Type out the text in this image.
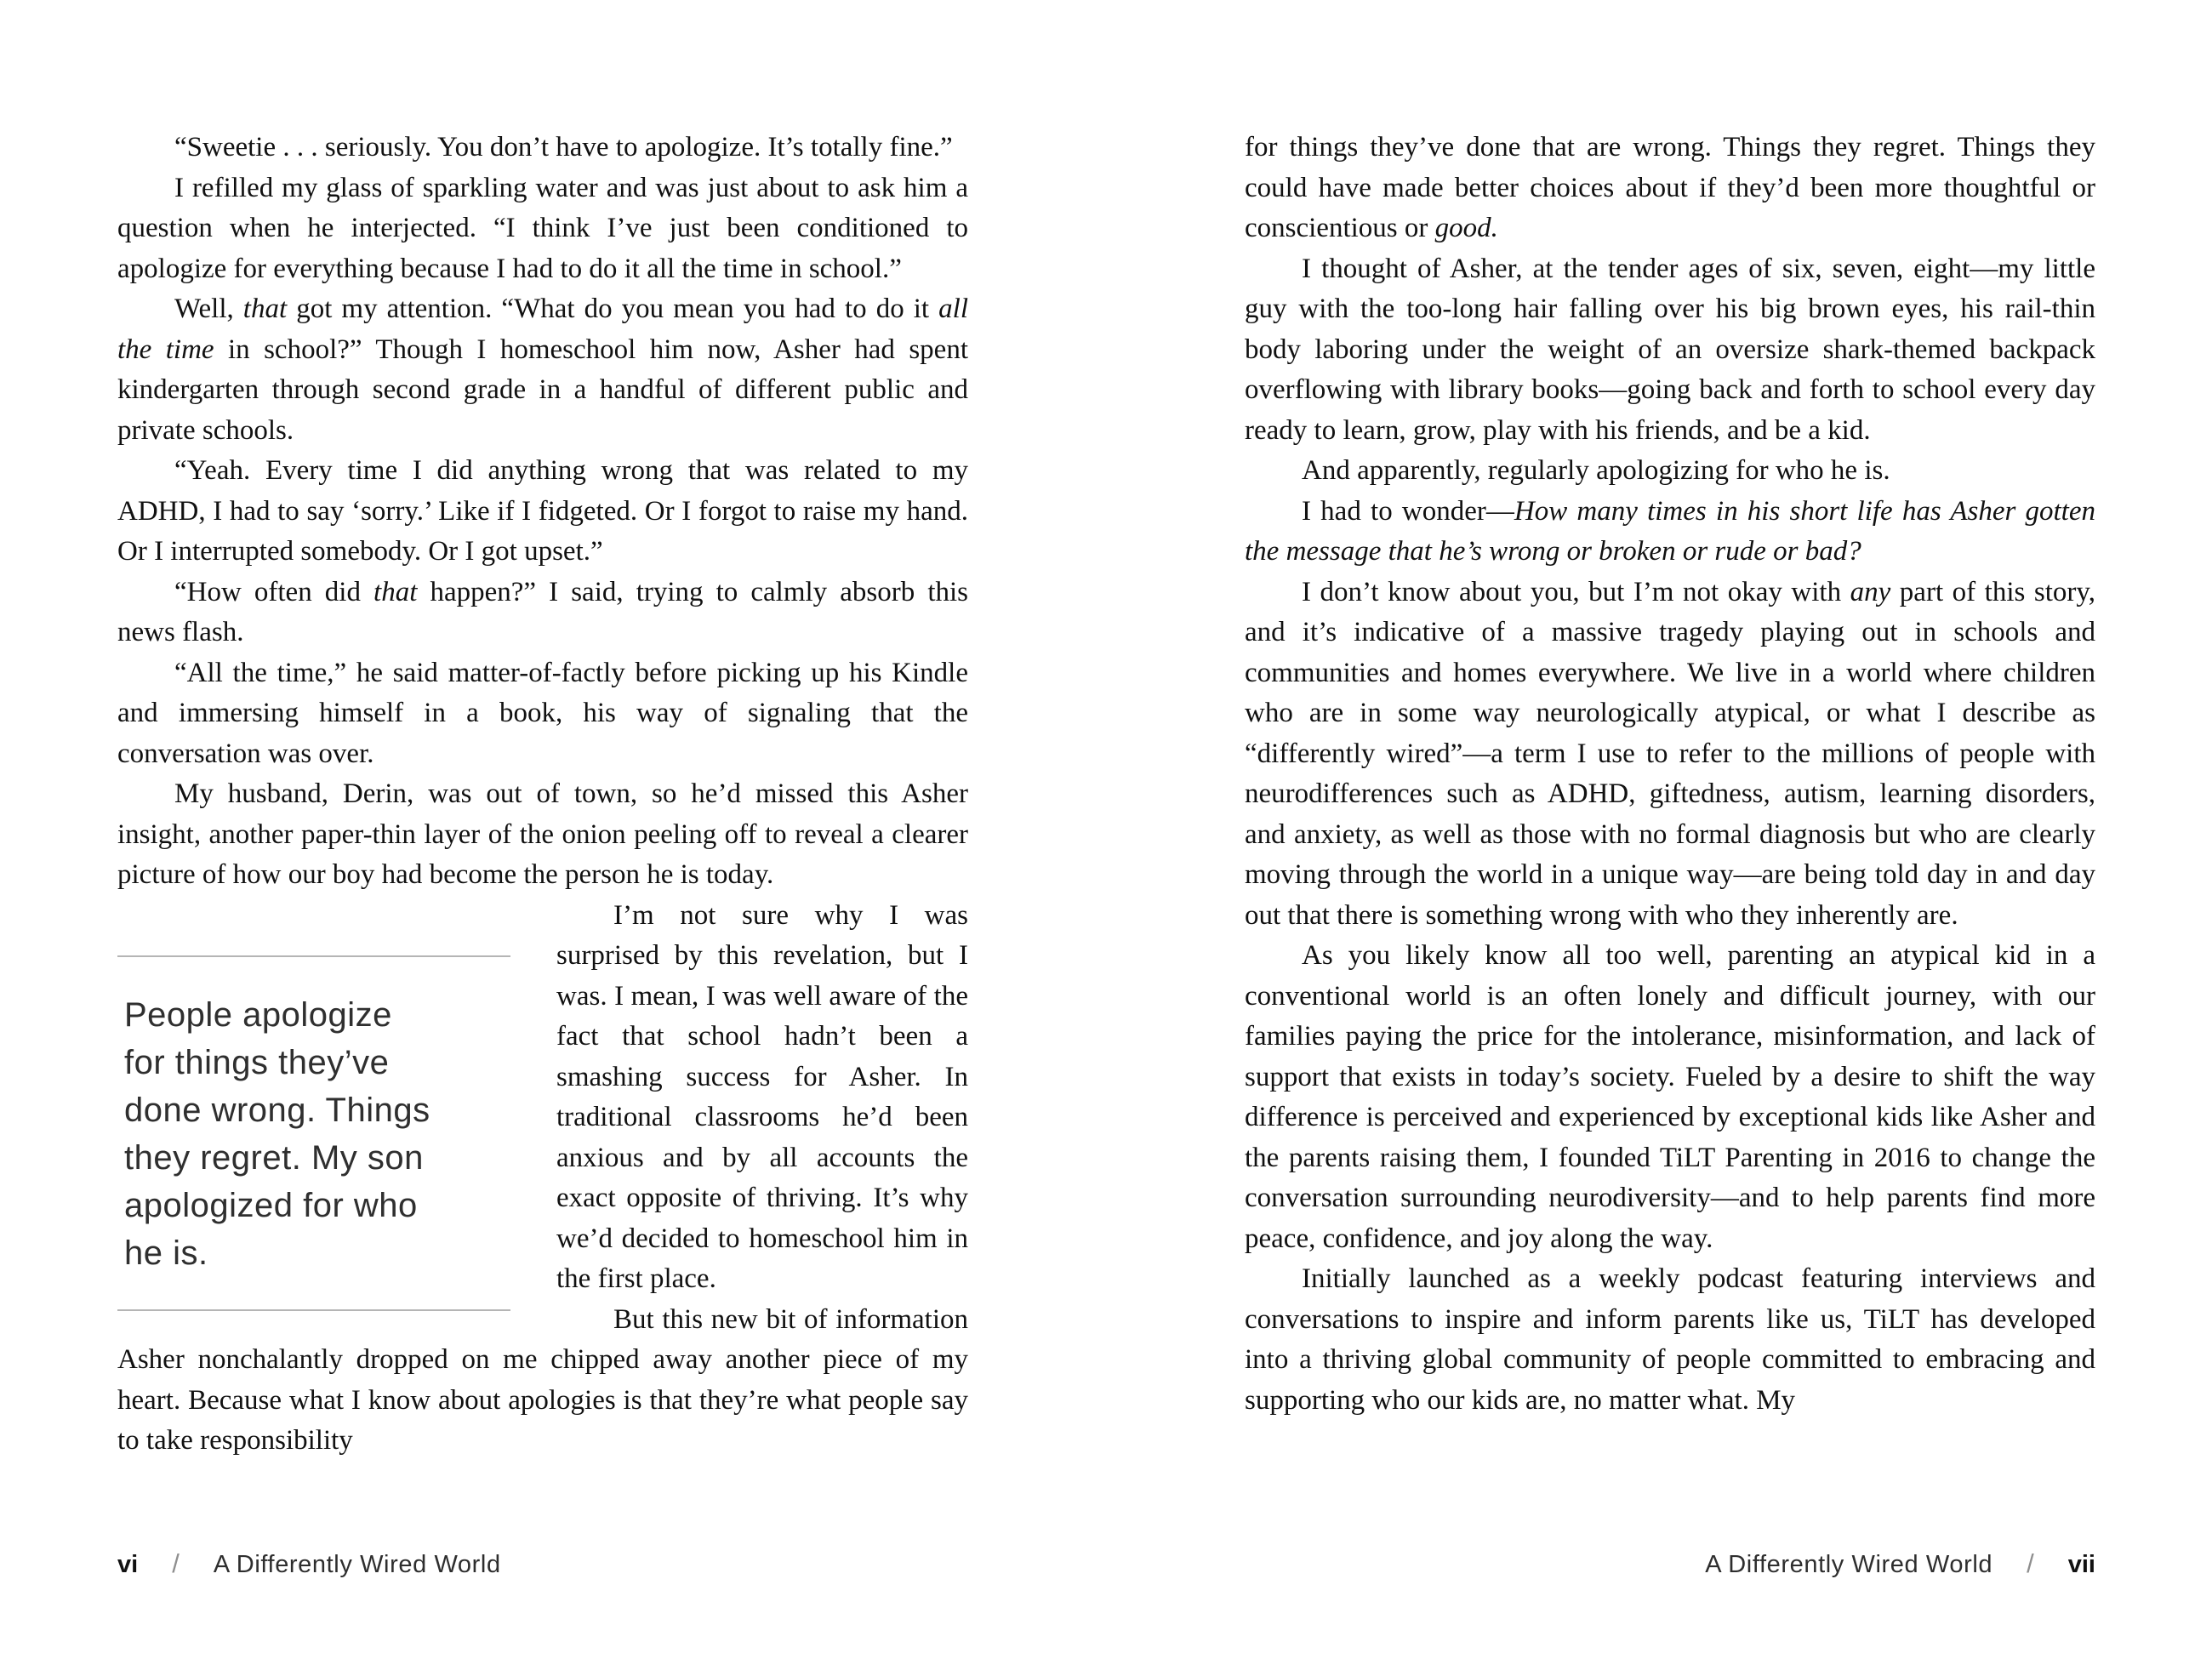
“Sweetie . . . seriously. You don’t have to apologize. It’s totally fine.”

I refilled my glass of sparkling water and was just about to ask him a question when he interjected. “I think I’ve just been conditioned to apologize for everything because I had to do it all the time in school.”

Well, that got my attention. “What do you mean you had to do it all the time in school?” Though I homeschool him now, Asher had spent kindergarten through second grade in a handful of different public and private schools.

“Yeah. Every time I did anything wrong that was related to my ADHD, I had to say ‘sorry.’ Like if I fidgeted. Or I forgot to raise my hand. Or I interrupted somebody. Or I got upset.”

“How often did that happen?” I said, trying to calmly absorb this news flash.

“All the time,” he said matter-of-factly before picking up his Kindle and immersing himself in a book, his way of signaling that the conversation was over.

My husband, Derin, was out of town, so he’d missed this Asher insight, another paper-thin layer of the onion peeling off to reveal a clearer picture of how our boy had become the person he is today.

People apologize
for things they’ve
done wrong. Things
they regret. My son
apologized for who
he is.

I’m not sure why I was surprised by this revelation, but I was. I mean, I was well aware of the fact that school hadn’t been a smashing success for Asher. In traditional classrooms he’d been anxious and by all accounts the exact opposite of thriving. It’s why we’d decided to homeschool him in the first place.

But this new bit of information Asher nonchalantly dropped on me chipped away another piece of my heart. Because what I know about apologies is that they’re what people say to take responsibility

vi / A Differently Wired World

for things they’ve done that are wrong. Things they regret. Things they could have made better choices about if they’d been more thoughtful or conscientious or good.

I thought of Asher, at the tender ages of six, seven, eight—my little guy with the too-long hair falling over his big brown eyes, his rail-thin body laboring under the weight of an oversize shark-themed backpack overflowing with library books—going back and forth to school every day ready to learn, grow, play with his friends, and be a kid.

And apparently, regularly apologizing for who he is.

I had to wonder—How many times in his short life has Asher gotten the message that he’s wrong or broken or rude or bad?

I don’t know about you, but I’m not okay with any part of this story, and it’s indicative of a massive tragedy playing out in schools and communities and homes everywhere. We live in a world where children who are in some way neurologically atypical, or what I describe as “differently wired”—a term I use to refer to the millions of people with neurodifferences such as ADHD, giftedness, autism, learning disorders, and anxiety, as well as those with no formal diagnosis but who are clearly moving through the world in a unique way—are being told day in and day out that there is something wrong with who they inherently are.

As you likely know all too well, parenting an atypical kid in a conventional world is an often lonely and difficult journey, with our families paying the price for the intolerance, misinformation, and lack of support that exists in today’s society. Fueled by a desire to shift the way difference is perceived and experienced by exceptional kids like Asher and the parents raising them, I founded TiLT Parenting in 2016 to change the conversation surrounding neurodiversity—and to help parents find more peace, confidence, and joy along the way.

Initially launched as a weekly podcast featuring interviews and conversations to inspire and inform parents like us, TiLT has developed into a thriving global community of people committed to embracing and supporting who our kids are, no matter what. My

A Differently Wired World / vii
